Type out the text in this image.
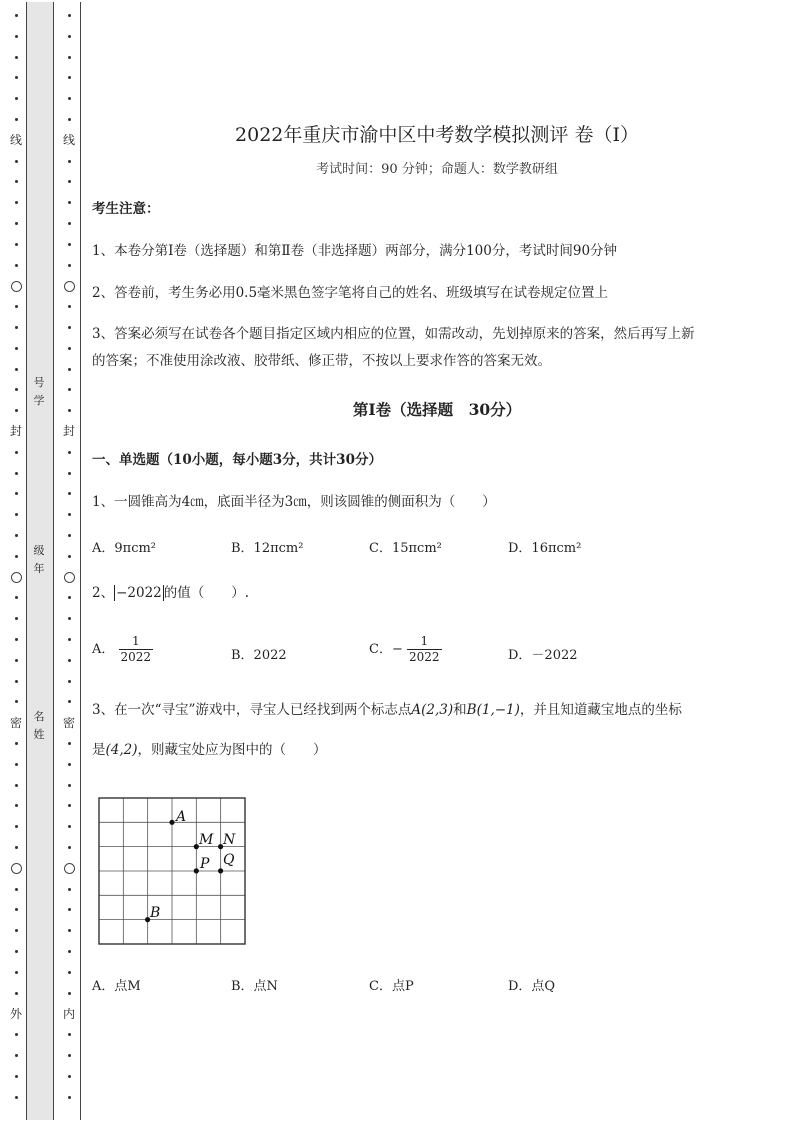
线
封
密
外
线
封
密
内
号学
级年
名姓
2022年重庆市渝中区中考数学模拟测评 卷（Ⅰ）
考试时间：90 分钟；命题人：数学教研组
考生注意：
1、本卷分第Ⅰ卷（选择题）和第Ⅱ卷（非选择题）两部分，满分100分，考试时间90分钟
2、答卷前，考生务必用0.5毫米黑色签字笔将自己的姓名、班级填写在试卷规定位置上
3、答案必须写在试卷各个题目指定区域内相应的位置，如需改动，先划掉原来的答案，然后再写上新
的答案；不准使用涂改液、胶带纸、修正带，不按以上要求作答的答案无效。
第Ⅰ卷（选择题　30分）
一、单选题（10小题，每小题3分，共计30分）
1、一圆锥高为4㎝，底面半径为3㎝，则该圆锥的侧面积为（　　）
A．9πcm²	B．12πcm²	C．15πcm²	D．16πcm²
2、 −2022 的值（　　）.
A． $\frac{1}{2022}$	B．2022	C．− $\frac{1}{2022}$	D．－2022
3、在一次“寻宝”游戏中，寻宝人已经找到两个标志点A(2,3)和B(1,−1)，并且知道藏宝地点的坐标
是(4,2)，则藏宝处应为图中的（　　）
A
M N
P Q
B
A．点M	B．点N	C．点P	D．点Q
